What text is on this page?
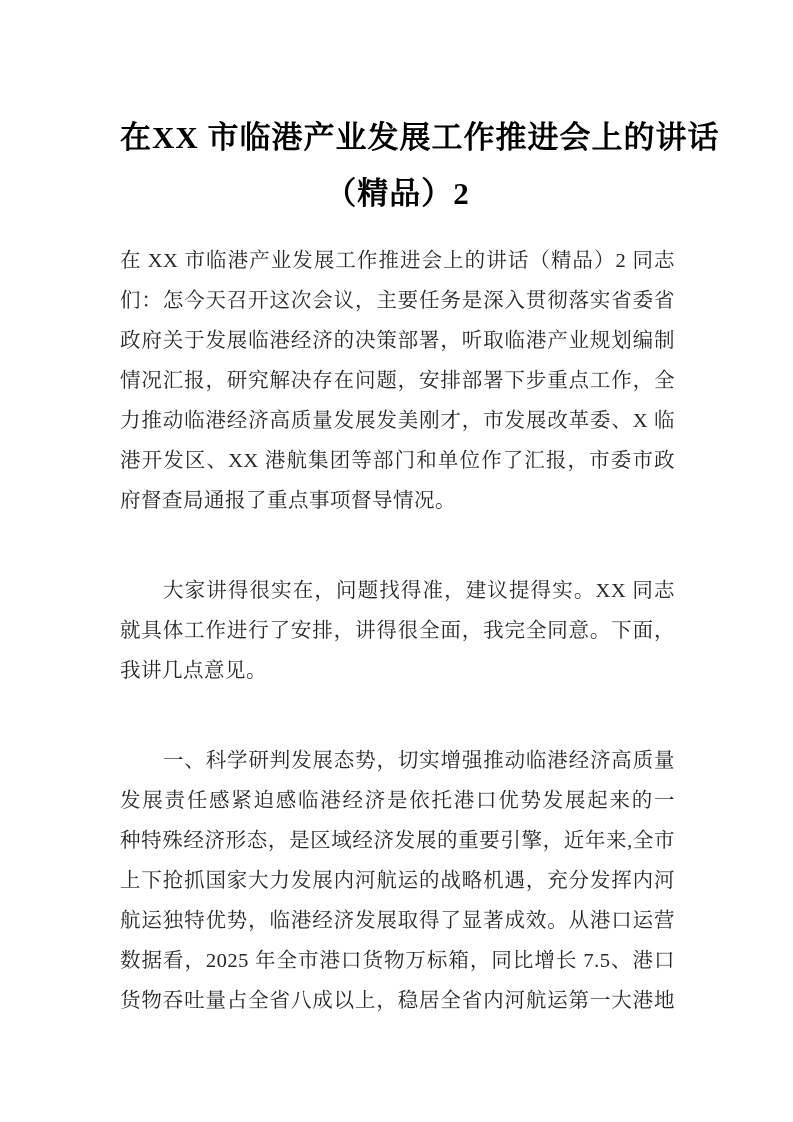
在XX 市临港产业发展工作推进会上的讲话
（精品）2
在 XX 市临港产业发展工作推进会上的讲话（精品）2 同志
们：怎今天召开这次会议，主要任务是深入贯彻落实省委省
政府关于发展临港经济的决策部署，听取临港产业规划编制
情况汇报，研究解决存在问题，安排部署下步重点工作，全
力推动临港经济高质量发展发美刚才，市发展改革委、X 临
港开发区、XX 港航集团等部门和单位作了汇报，市委市政
府督查局通报了重点事项督导情况。
大家讲得很实在，问题找得准，建议提得实。XX 同志
就具体工作进行了安排，讲得很全面，我完全同意。下面，
我讲几点意见。
一、科学研判发展态势，切实增强推动临港经济高质量
发展责任感紧迫感临港经济是依托港口优势发展起来的一
种特殊经济形态，是区域经济发展的重要引擎，近年来,全市
上下抢抓国家大力发展内河航运的战略机遇，充分发挥内河
航运独特优势，临港经济发展取得了显著成效。从港口运营
数据看，2025 年全市港口货物万标箱，同比增长 7.5、港口
货物吞吐量占全省八成以上，稳居全省内河航运第一大港地
